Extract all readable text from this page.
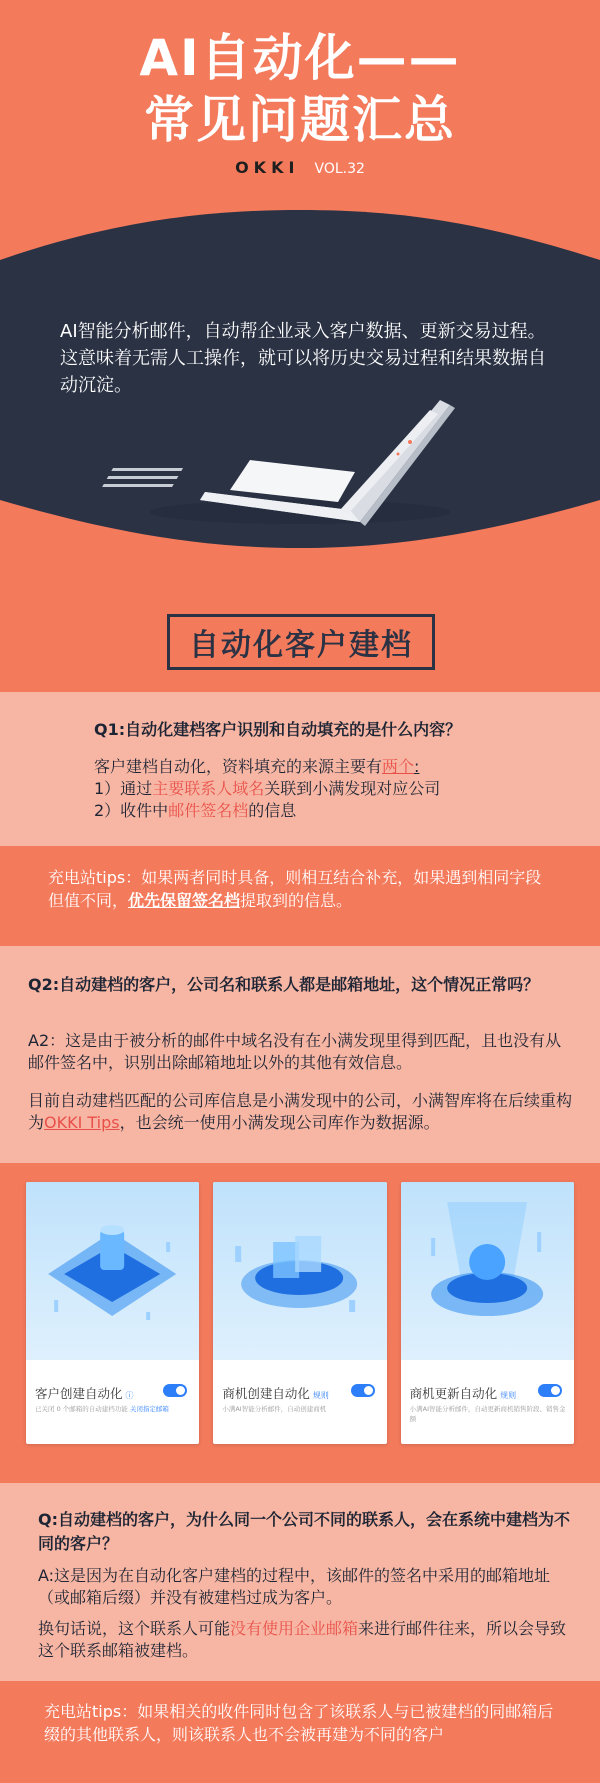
AI自动化——
常见问题汇总
OKKI VOL.32
AI智能分析邮件，自动帮企业录入客户数据、更新交易过程。这意味着无需人工操作，就可以将历史交易过程和结果数据自动沉淀。
自动化客户建档
Q1:自动化建档客户识别和自动填充的是什么内容？
客户建档自动化，资料填充的来源主要有两个:
1）通过主要联系人域名关联到小满发现对应公司
2）收件中邮件签名档的信息
充电站tips：如果两者同时具备，则相互结合补充，如果遇到相同字段但值不同，优先保留签名档提取到的信息。
Q2:自动建档的客户，公司名和联系人都是邮箱地址，这个情况正常吗？
A2：这是由于被分析的邮件中域名没有在小满发现里得到匹配，且也没有从邮件签名中，识别出除邮箱地址以外的其他有效信息。
目前自动建档匹配的公司库信息是小满发现中的公司，小满智库将在后续重构为OKKI Tips，也会统一使用小满发现公司库作为数据源。
客户创建自动化 ⓘ
已关闭 0 个邮箱的自动建档功能 关闭指定邮箱
商机创建自动化 规则
小满AI智能分析邮件，自动创建商机
商机更新自动化 规则
小满AI智能分析邮件，自动更新商机销售阶段、销售金额
Q:自动建档的客户，为什么同一个公司不同的联系人，会在系统中建档为不同的客户？
A:这是因为在自动化客户建档的过程中，该邮件的签名中采用的邮箱地址（或邮箱后缀）并没有被建档过成为客户。
换句话说，这个联系人可能没有使用企业邮箱来进行邮件往来，所以会导致这个联系邮箱被建档。
充电站tips：如果相关的收件同时包含了该联系人与已被建档的同邮箱后缀的其他联系人，则该联系人也不会被再建为不同的客户
